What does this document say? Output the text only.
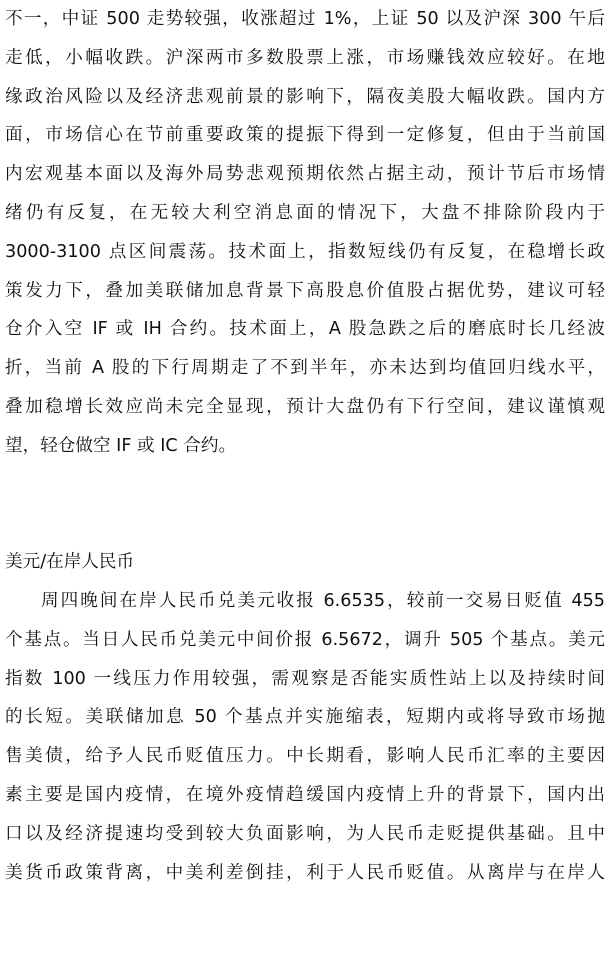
不一，中证 500 走势较强，收涨超过 1%，上证 50 以及沪深 300 午后
走低，小幅收跌。沪深两市多数股票上涨，市场赚钱效应较好。在地
缘政治风险以及经济悲观前景的影响下，隔夜美股大幅收跌。国内方
面，市场信心在节前重要政策的提振下得到一定修复，但由于当前国
内宏观基本面以及海外局势悲观预期依然占据主动，预计节后市场情
绪仍有反复，在无较大利空消息面的情况下，大盘不排除阶段内于
3000-3100 点区间震荡。技术面上，指数短线仍有反复，在稳增长政
策发力下，叠加美联储加息背景下高股息价值股占据优势，建议可轻
仓介入空 IF 或 IH 合约。技术面上，A 股急跌之后的磨底时长几经波
折，当前 A 股的下行周期走了不到半年，亦未达到均值回归线水平，
叠加稳增长效应尚未完全显现，预计大盘仍有下行空间，建议谨慎观
望，轻仓做空 IF 或 IC 合约。
美元/在岸人民币
周四晚间在岸人民币兑美元收报 6.6535，较前一交易日贬值 455
个基点。当日人民币兑美元中间价报 6.5672，调升 505 个基点。美元
指数 100 一线压力作用较强，需观察是否能实质性站上以及持续时间
的长短。美联储加息 50 个基点并实施缩表，短期内或将导致市场抛
售美债，给予人民币贬值压力。中长期看，影响人民币汇率的主要因
素主要是国内疫情，在境外疫情趋缓国内疫情上升的背景下，国内出
口以及经济提速均受到较大负面影响，为人民币走贬提供基础。且中
美货币政策背离，中美利差倒挂，利于人民币贬值。从离岸与在岸人
